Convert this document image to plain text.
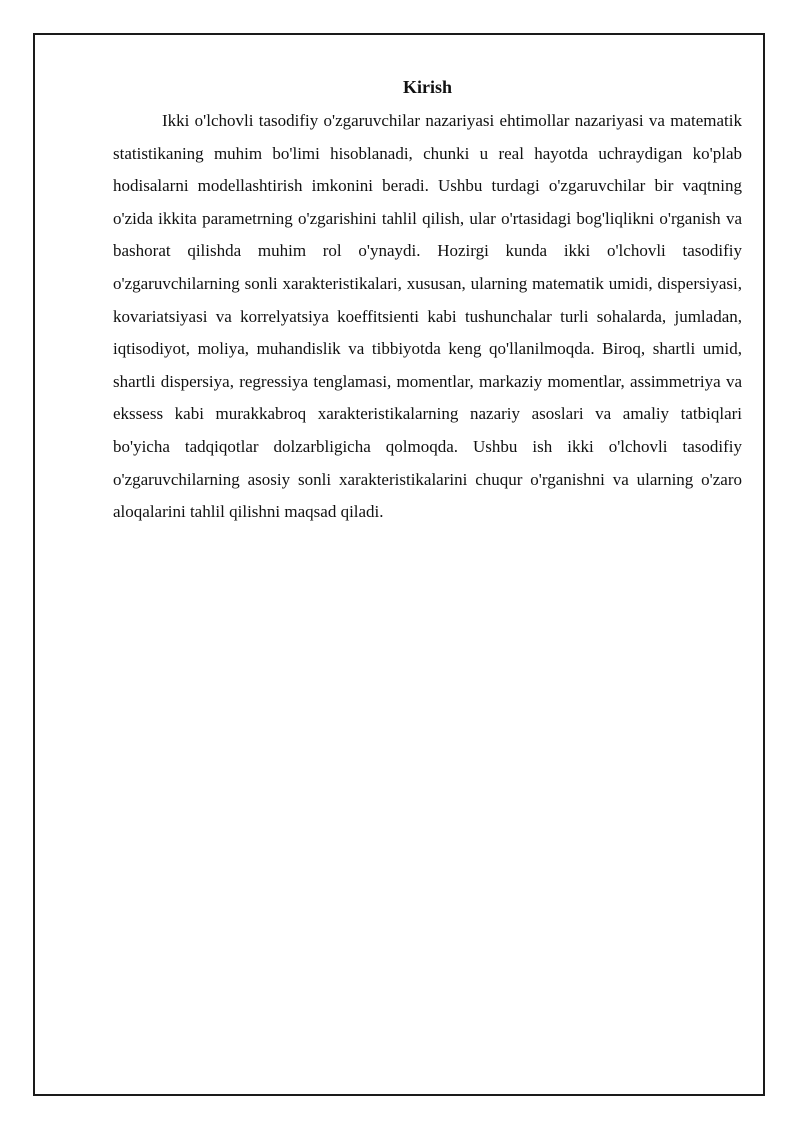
Kirish

Ikki o'lchovli tasodifiy o'zgaruvchilar nazariyasi ehtimollar nazariyasi va matematik statistikaning muhim bo'limi hisoblanadi, chunki u real hayotda uchraydigan ko'plab hodisalarni modellashtirish imkonini beradi. Ushbu turdagi o'zgaruvchilar bir vaqtning o'zida ikkita parametrning o'zgarishini tahlil qilish, ular o'rtasidagi bog'liqlikni o'rganish va bashorat qilishda muhim rol o'ynaydi. Hozirgi kunda ikki o'lchovli tasodifiy o'zgaruvchilarning sonli xarakteristikalari, xususan, ularning matematik umidi, dispersiyasi, kovariatsiyasi va korrelyatsiya koeffitsienti kabi tushunchalar turli sohalarda, jumladan, iqtisodiyot, moliya, muhandislik va tibbiyotda keng qo'llanilmoqda. Biroq, shartli umid, shartli dispersiya, regressiya tenglamasi, momentlar, markaziy momentlar, assimmetriya va ekssess kabi murakkabroq xarakteristikalarning nazariy asoslari va amaliy tatbiqlari bo'yicha tadqiqotlar dolzarbligicha qolmoqda. Ushbu ish ikki o'lchovli tasodifiy o'zgaruvchilarning asosiy sonli xarakteristikalarini chuqur o'rganishni va ularning o'zaro aloqalarini tahlil qilishni maqsad qiladi.
